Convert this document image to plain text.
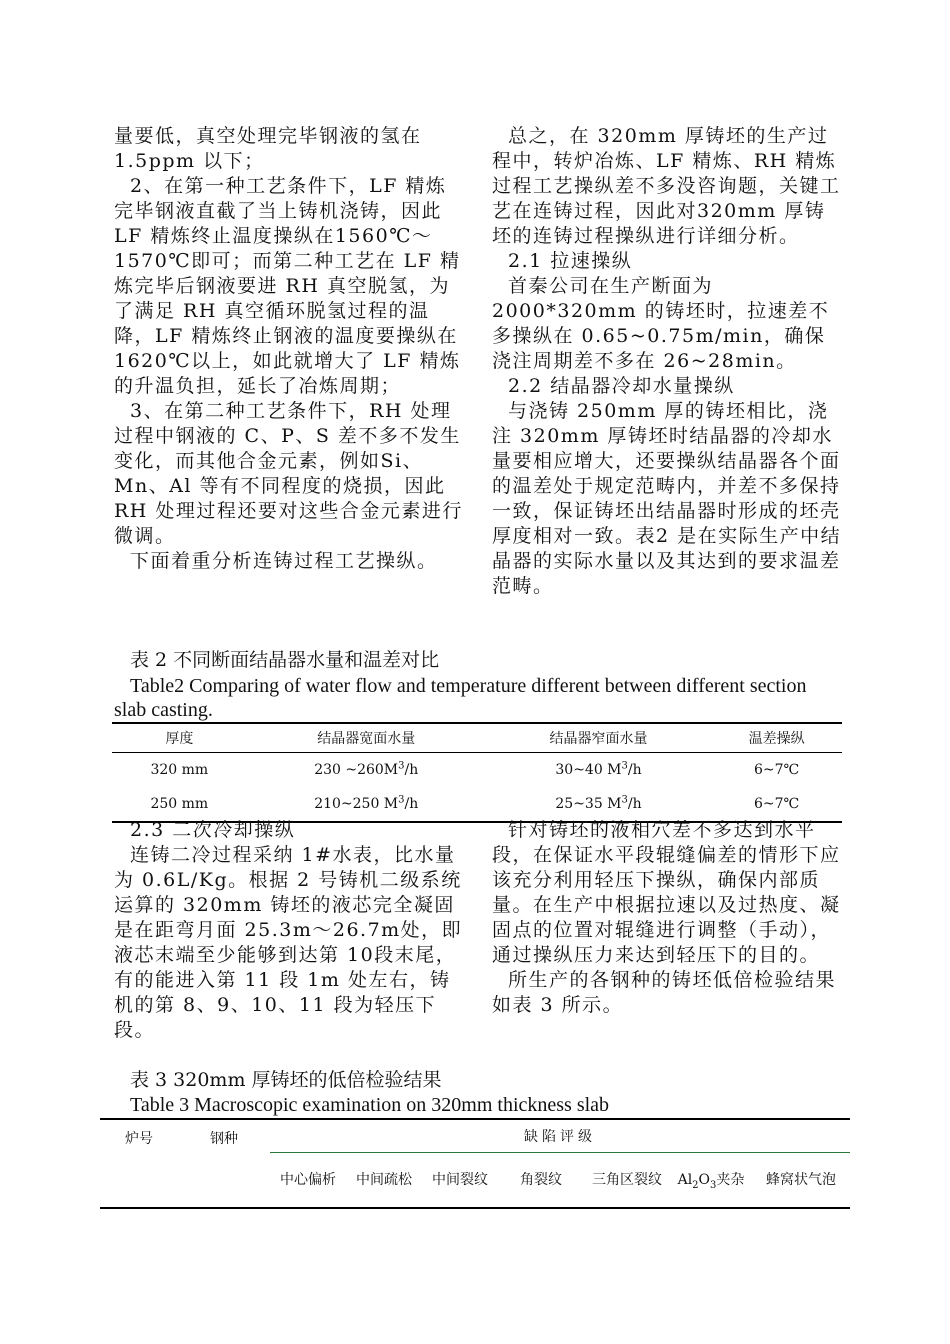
量要低，真空处理完毕钢液的氢在1.5ppm 以下；

2、在第一种工艺条件下，LF 精炼完毕钢液直截了当上铸机浇铸，因此 LF 精炼终止温度操纵在1560℃～1570℃即可；而第二种工艺在 LF 精炼完毕后钢液要进 RH 真空脱氢，为了满足 RH 真空循环脱氢过程的温降，LF 精炼终止钢液的温度要操纵在 1620℃以上，如此就增大了 LF 精炼的升温负担，延长了冶炼周期；

3、在第二种工艺条件下，RH 处理过程中钢液的 C、P、S 差不多不发生变化，而其他合金元素，例如Si、Mn、Al 等有不同程度的烧损，因此 RH 处理过程还要对这些合金元素进行微调。

下面着重分析连铸过程工艺操纵。

总之，在 320mm 厚铸坯的生产过程中，转炉冶炼、LF 精炼、RH 精炼过程工艺操纵差不多没咨询题，关键工艺在连铸过程，因此对320mm 厚铸坯的连铸过程操纵进行详细分析。

2.1 拉速操纵

首秦公司在生产断面为2000*320mm 的铸坯时，拉速差不多操纵在 0.65~0.75m/min，确保浇注周期差不多在 26~28min。

2.2 结晶器冷却水量操纵

与浇铸 250mm 厚的铸坯相比，浇注 320mm 厚铸坯时结晶器的冷却水量要相应增大，还要操纵结晶器各个面的温差处于规定范畴内，并差不多保持一致，保证铸坯出结晶器时形成的坯壳厚度相对一致。表2 是在实际生产中结晶器的实际水量以及其达到的要求温差范畴。

表 2 不同断面结晶器水量和温差对比
Table2 Comparing of water flow and temperature different between different section slab casting.
厚度	结晶器宽面水量	结晶器窄面水量	温差操纵
320 mm	230 $\sim 260M^3/h$	30~40 $M^3/h$	6~7℃
250 mm	210~250 $M^3/h$	25~35 $M^3/h$	6~7℃

2.3 二次冷却操纵

连铸二冷过程采纳 1#水表，比水量为 0.6L/Kg。根据 2 号铸机二级系统运算的 320mm 铸坯的液芯完全凝固是在距弯月面 25.3m～26.7m处，即液芯末端至少能够到达第 10段末尾，有的能进入第 11 段 1m 处左右，铸机的第 8、9、10、11 段为轻压下段。

针对铸坯的液相穴差不多达到水平段，在保证水平段辊缝偏差的情形下应该充分利用轻压下操纵，确保内部质量。在生产中根据拉速以及过热度、凝固点的位置对辊缝进行调整（手动），通过操纵压力来达到轻压下的目的。

所生产的各钢种的铸坯低倍检验结果如表 3 所示。

表 3 320mm 厚铸坯的低倍检验结果
Table 3 Macroscopic examination on 320mm thickness slab
炉号	钢种	缺陷评级						
		中心偏析	中间疏松	中间裂纹	角裂纹	三角区裂纹	$Al_2O_3$夹杂	蜂窝状气泡
